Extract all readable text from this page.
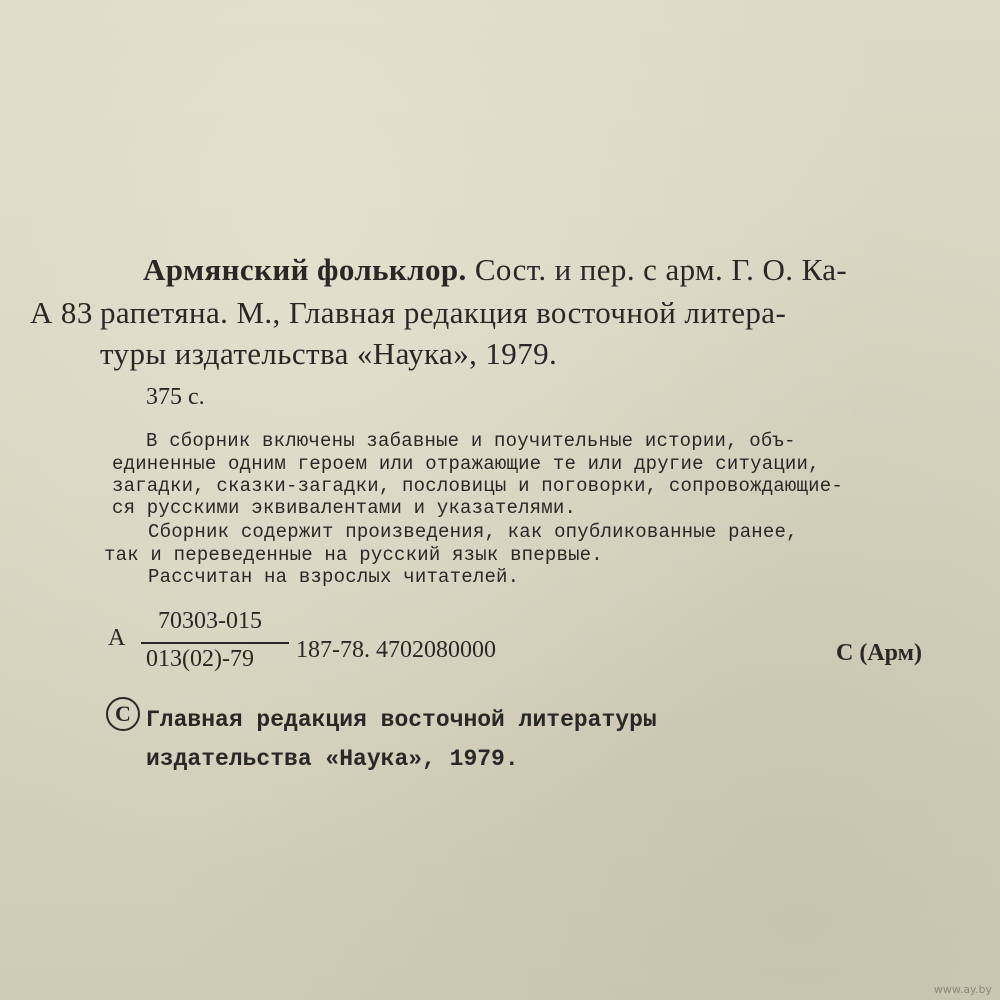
Армянский фольклор. Сост. и пер. с арм. Г. О. Ка-
А 83 рапетяна. М., Главная редакция восточной литера-
туры издательства «Наука», 1979.
375 с.
В сборник включены забавные и поучительные истории, объ-
единенные одним героем или отражающие те или другие ситуации,
загадки, сказки-загадки, пословицы и поговорки, сопровождающие-
ся русскими эквивалентами и указателями.
Сборник содержит произведения, как опубликованные ранее,
так и переведенные на русский язык впервые.
Рассчитан на взрослых читателей.
А
70303-015
013(02)-79 187-78. 4702080000	С (Арм)
C Главная редакция восточной литературы
издательства «Наука», 1979.
www.ay.by
